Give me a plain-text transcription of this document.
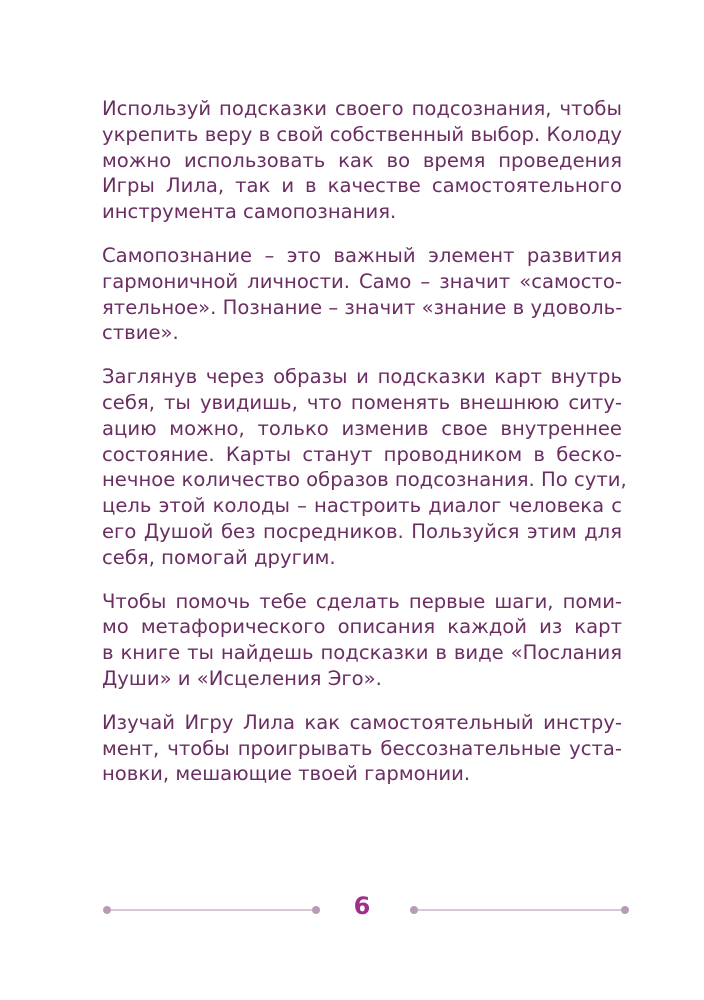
Используй подсказки своего подсознания, чтобы
укрепить веру в свой собственный выбор. Колоду
можно использовать как во время проведения
Игры Лила, так и в качестве самостоятельного
инструмента самопознания.
Самопознание – это важный элемент развития
гармоничной личности. Само – значит «самосто-
ятельное». Познание – значит «знание в удоволь-
ствие».
Заглянув через образы и подсказки карт внутрь
себя, ты увидишь, что поменять внешнюю ситу-
ацию можно, только изменив свое внутреннее
состояние. Карты станут проводником в беско-
нечное количество образов подсознания. По сути,
цель этой колоды – настроить диалог человека с
его Душой без посредников. Пользуйся этим для
себя, помогай другим.
Чтобы помочь тебе сделать первые шаги, поми-
мо метафорического описания каждой из карт
в книге ты найдешь подсказки в виде «Послания
Души» и «Исцеления Эго».
Изучай Игру Лила как самостоятельный инстру-
мент, чтобы проигрывать бессознательные уста-
новки, мешающие твоей гармонии.
6
